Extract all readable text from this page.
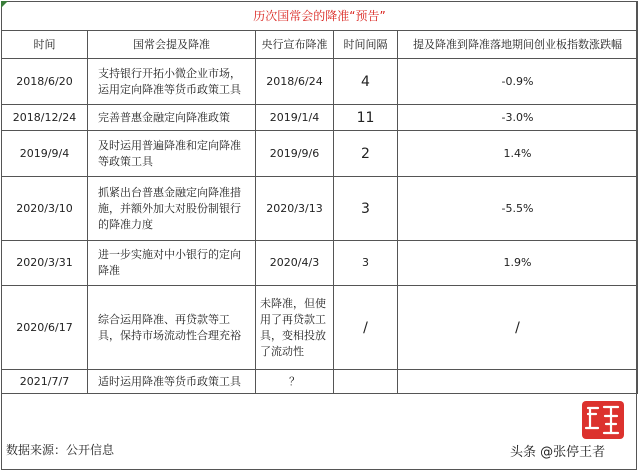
历次国常会的降准“预告”				
时间	国常会提及降准	央行宣布降准	时间间隔	提及降准到降准落地期间创业板指数涨跌幅
2018/6/20	支持银行开拓小微企业市场，运用定向降准等货币政策工具	2018/6/24	4	-0.9%
2018/12/24	完善普惠金融定向降准政策	2019/1/4	11	-3.0%
2019/9/4	及时运用普遍降准和定向降准等政策工具	2019/9/6	2	1.4%
2020/3/10	抓紧出台普惠金融定向降准措施，并额外加大对股份制银行的降准力度	2020/3/13	3	-5.5%
2020/3/31	进一步实施对中小银行的定向降准	2020/4/3	3	1.9%
2020/6/17	综合运用降准、再贷款等工具，保持市场流动性合理充裕	未降准，但使用了再贷款工具，变相投放了流动性	/	/
2021/7/7	适时运用降准等货币政策工具	？		
数据来源：公开信息	头条 @张停王者
